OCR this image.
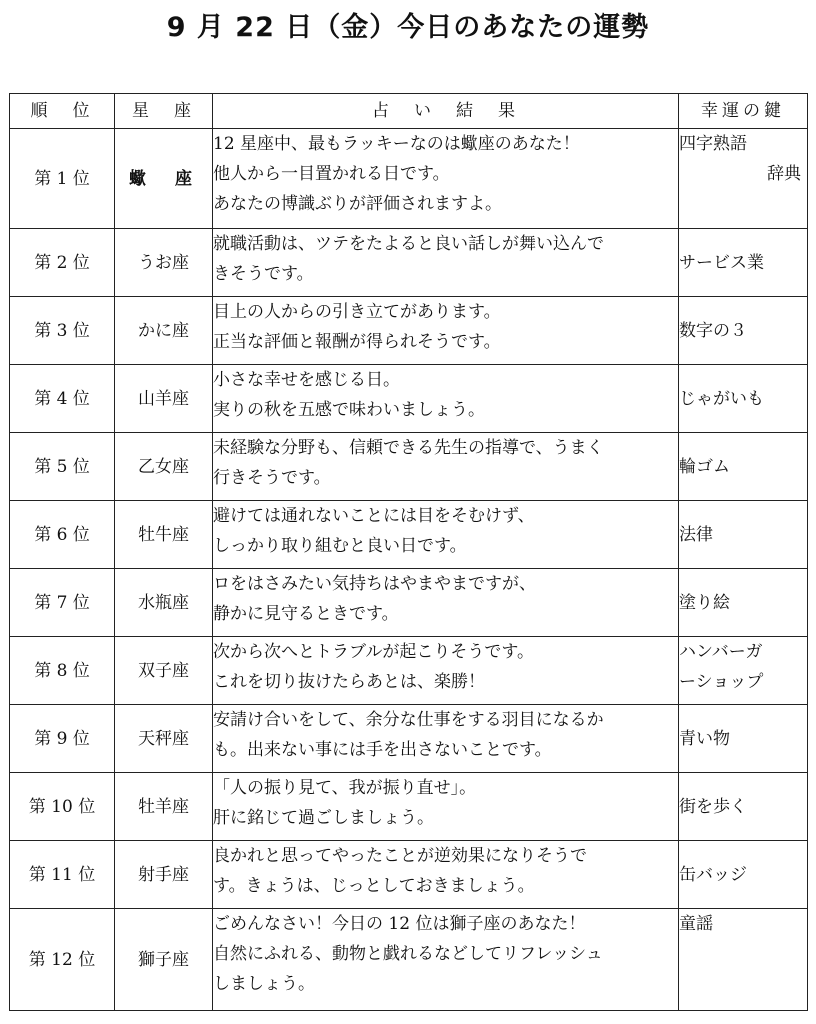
9 月 22 日（金）今日のあなたの運勢
順　位	星　座	占　い　結　果	幸運の鍵
第 1 位	蠍　座	12 星座中、最もラッキーなのは蠍座のあなた！
他人から一目置かれる日です。
あなたの博識ぶりが評価されますよ。	四字熟語
辞典

第 2 位	うお座	就職活動は、ツテをたよると良い話しが舞い込んで
きそうです。	サービス業

第 3 位	かに座	目上の人からの引き立てがあります。
正当な評価と報酬が得られそうです。	数字の３

第 4 位	山羊座	小さな幸せを感じる日。
実りの秋を五感で味わいましょう。	じゃがいも

第 5 位	乙女座	未経験な分野も、信頼できる先生の指導で、うまく
行きそうです。	輪ゴム

第 6 位	牡牛座	避けては通れないことには目をそむけず、
しっかり取り組むと良い日です。	法律

第 7 位	水瓶座	ロをはさみたい気持ちはやまやまですが、
静かに見守るときです。	塗り絵

第 8 位	双子座	次から次へとトラブルが起こりそうです。
これを切り抜けたらあとは、楽勝！	ハンバーガ
ーショップ

第 9 位	天秤座	安請け合いをして、余分な仕事をする羽目になるか
も。出来ない事には手を出さないことです。	青い物

第 10 位	牡羊座	「人の振り見て、我が振り直せ」。
肝に銘じて過ごしましょう。	街を歩く

第 11 位	射手座	良かれと思ってやったことが逆効果になりそうで
す。きょうは、じっとしておきましょう。	缶バッジ

第 12 位	獅子座	ごめんなさい！今日の 12 位は獅子座のあなた！
自然にふれる、動物と戯れるなどしてリフレッシュ
しましょう。	童謡
